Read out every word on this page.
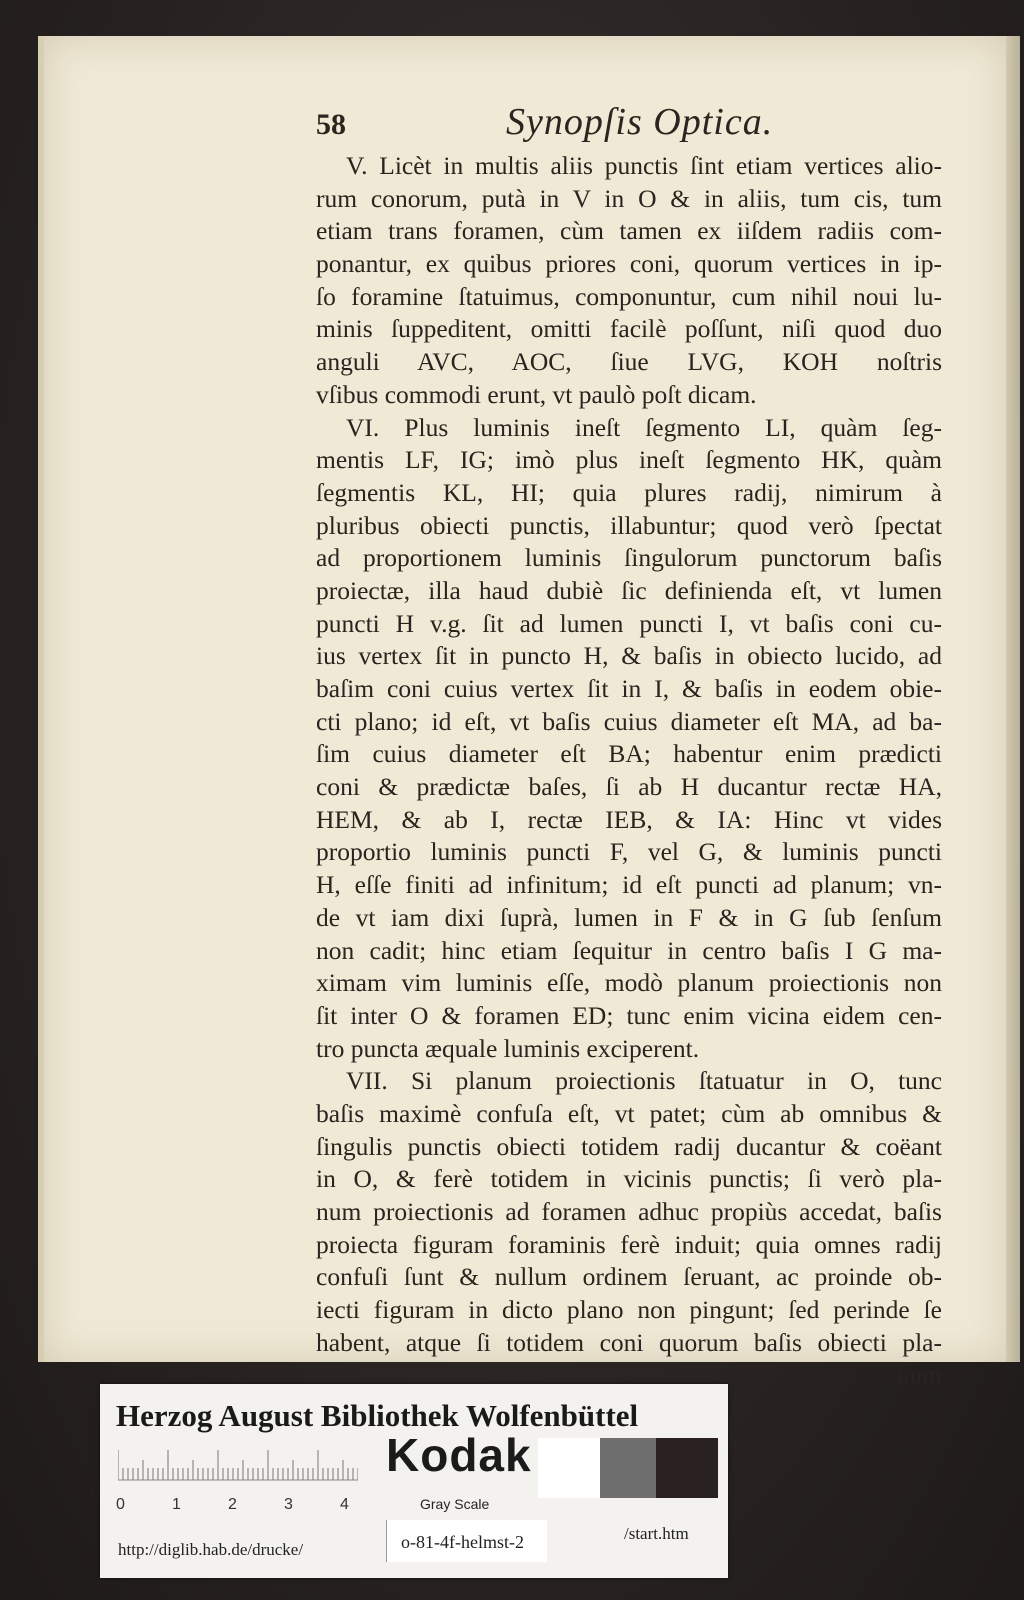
58	Synopſis Optica.
V. Licèt in multis aliis punctis ſint etiam vertices alio-
rum conorum, putà in V in O & in aliis, tum cis, tum
etiam trans foramen, cùm tamen ex iiſdem radiis com-
ponantur, ex quibus priores coni, quorum vertices in ip-
ſo foramine ſtatuimus, componuntur, cum nihil noui lu-
minis ſuppeditent, omitti facilè poſſunt, niſi quod duo
anguli AVC, AOC, ſiue LVG, KOH noſtris
vſibus commodi erunt, vt paulò poſt dicam.
VI. Plus luminis ineſt ſegmento LI, quàm ſeg-
mentis LF, IG; imò plus ineſt ſegmento HK, quàm
ſegmentis KL, HI; quia plures radij, nimirum à
pluribus obiecti punctis, illabuntur; quod verò ſpectat
ad proportionem luminis ſingulorum punctorum baſis
proiectæ, illa haud dubiè ſic definienda eſt, vt lumen
puncti H v.g. ſit ad lumen puncti I, vt baſis coni cu-
ius vertex ſit in puncto H, & baſis in obiecto lucido, ad
baſim coni cuius vertex ſit in I, & baſis in eodem obie-
cti plano; id eſt, vt baſis cuius diameter eſt MA, ad ba-
ſim cuius diameter eſt BA; habentur enim prædicti
coni & prædictæ baſes, ſi ab H ducantur rectæ HA,
HEM, & ab I, rectæ IEB, & IA: Hinc vt vides
proportio luminis puncti F, vel G, & luminis puncti
H, eſſe finiti ad infinitum; id eſt puncti ad planum; vn-
de vt iam dixi ſuprà, lumen in F & in G ſub ſenſum
non cadit; hinc etiam ſequitur in centro baſis I G ma-
ximam vim luminis eſſe, modò planum proiectionis non
ſit inter O & foramen ED; tunc enim vicina eidem cen-
tro puncta æquale luminis exciperent.
VII. Si planum proiectionis ſtatuatur in O, tunc
baſis maximè confuſa eſt, vt patet; cùm ab omnibus &
ſingulis punctis obiecti totidem radij ducantur & coëant
in O, & ferè totidem in vicinis punctis; ſi verò pla-
num proiectionis ad foramen adhuc propiùs accedat, baſis
proiecta figuram foraminis ferè induit; quia omnes radij
confuſi ſunt & nullum ordinem ſeruant, ac proinde ob-
iecti figuram in dicto plano non pingunt; ſed perinde ſe
habent, atque ſi totidem coni quorum baſis obiecti pla-
num
Herzog August Bibliothek Wolfenbüttel
0	1	2	3	4
Kodak
Gray Scale
http://diglib.hab.de/drucke/	o-81-4f-helmst-2	/start.htm
